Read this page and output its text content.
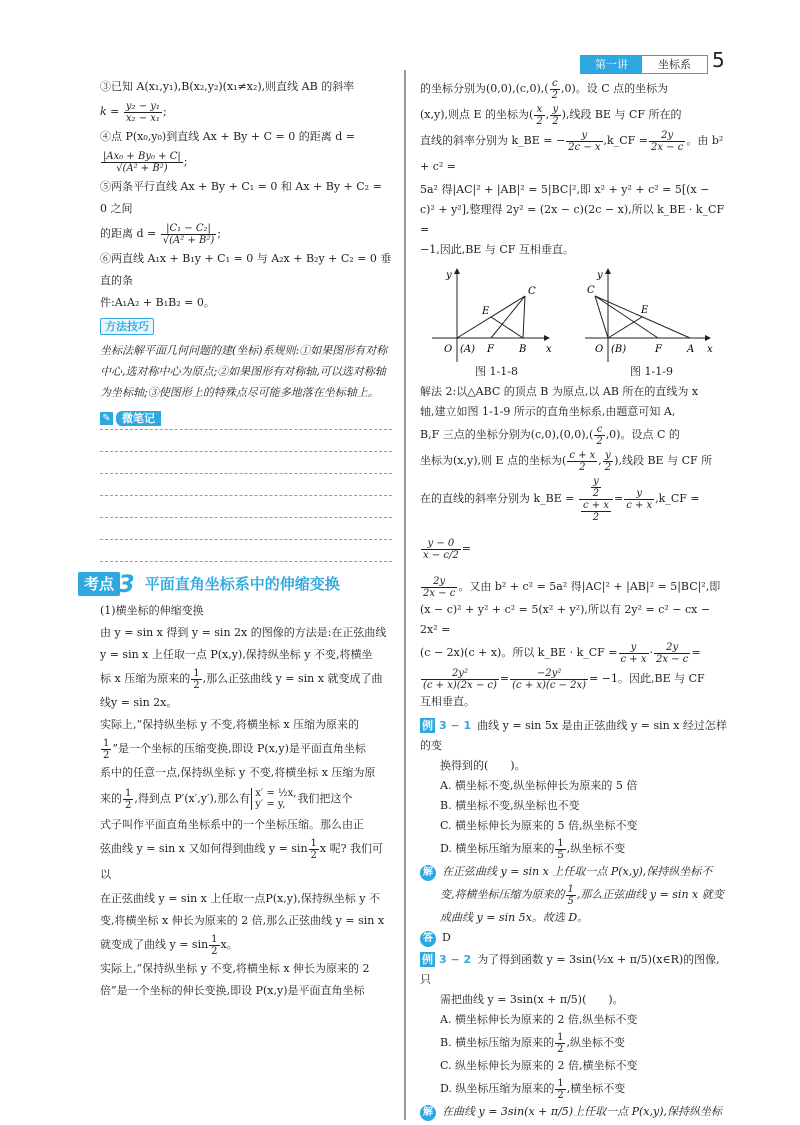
第一讲	坐标系	5

③已知 A(x₁,y₁),B(x₂,y₂)(x₁≠x₂),则直线 AB 的斜率

$k = \frac{\text{y₂ − y₁}}{\text{x₂ − x₁}}$ ;

④点 P(x₀,y₀)到直线 Ax + By + C = 0 的距离 d =

$\frac{\text{|Ax₀ + By₀ + C|}}{\text{√(A² + B²)}}$ ;

⑤两条平行直线 Ax + By + C₁ = 0 和 Ax + By + C₂ = 0 之间

的距离 $d = \frac{\text{|C₁ − C₂|}}{\text{√(A² + B²)}}$ ;

⑥两直线 A₁x + B₁y + C₁ = 0 与 A₂x + B₂y + C₂ = 0 垂直的条

件:A₁A₂ + B₁B₂ = 0。

方法技巧

坐标法解平面几何问题的建(坐标)系规则:①如果图形有对称中心,选对称中心为原点;②如果图形有对称轴,可以选对称轴为坐标轴;③使图形上的特殊点尽可能多地落在坐标轴上。

✎	微笔记
考点 3 平面直角坐标系中的伸缩变换

(1)横坐标的伸缩变换

由 y = sin x 得到 y = sin 2x 的图像的方法是:在正弦曲线

y = sin x 上任取一点 P(x,y),保持纵坐标 y 不变,将横坐

标 x 压缩为原来的 $\frac{1}{2}$ ,那么正弦曲线 y = sin x 就变成了曲

线y = sin 2x。

实际上,“保持纵坐标 y 不变,将横坐标 x 压缩为原来的

$\frac{1}{2}$ ”是一个坐标的压缩变换,即设 P(x,y)是平面直角坐标

系中的任意一点,保持纵坐标 y 不变,将横坐标 x 压缩为原

来的 $\frac{1}{2}$ ,得到点 P′(x′,y′),那么有 x′ = ½x,
y′ = y,	我们把这个

式子叫作平面直角坐标系中的一个坐标压缩。那么由正

弦曲线 y = sin x 又如何得到曲线 $y = \sin \frac{1}{2}$ x 呢? 我们可以

在正弦曲线 y = sin x 上任取一点P(x,y),保持纵坐标 y 不

变,将横坐标 x 伸长为原来的 2 倍,那么正弦曲线 y = sin x

就变成了曲线 $y = \sin \frac{1}{2}$ x。

实际上,“保持纵坐标 y 不变,将横坐标 x 伸长为原来的 2

倍”是一个坐标的伸长变换,即设 P(x,y)是平面直角坐标

的坐标分别为$(0,0),(c,0),( \frac{c}{2} ,0)$。设 C 点的坐标为

(x,y),则点 E 的坐标为( $\frac{x}{2}$ , $\frac{y}{2}$ ),线段 BE 与 CF 所在的

直线的斜率分别为 k_BE = − $\frac{y}{2c - x}$ ,k_CF = $\frac{2y}{2x - c}$ 。由 b² + c² =

5a² 得|AC|² + |AB|² = 5|BC|²,即 x² + y² + c² = 5[(x −

c)² + y²],整理得 2y² = (2x − c)(2c − x),所以 k_BE · k_CF =

−1,因此,BE 与 CF 互相垂直。

O (A) F	B x
y
C
E
图 1-1-8
O (B)	F	A x
y
C
E
图 1-1-9

解法 2:以△ABC 的顶点 B 为原点,以 AB 所在的直线为 x

轴,建立如图 1-1-9 所示的直角坐标系,由题意可知 A,

B,F 三点的坐标分别为$(c,0),(0,0),( \frac{c}{2} ,0)$。设点 C 的

坐标为(x,y),则 E 点的坐标为( $\frac{c + x}{2}$ , $\frac{y}{2}$ ),线段 BE 与 CF 所

在的直线的斜率分别为 k_BE = $\frac{\frac{y}{2}}{\frac{c + x}{2}} = \frac{y}{c + x}$ ,k_CF =
$\frac{y - 0}{x - c/2}$ =

$\frac{2y}{2x - c}$ 。又由 b² + c² = 5a² 得|AC|² + |AB|² = 5|BC|²,即

(x − c)² + y² + c² = 5(x² + y²),所以有 2y² = c² − cx − 2x² =

(c − 2x)(c + x)。所以 k_BE · k_CF = $\frac{y}{c + x} \cdot \frac{2y}{2x - c}$ =

$\frac{\text{2y²}}{(c + x)(2x - c)} = \frac{\text{−2y²}}{(c + x)(c - 2x)} = -1$。因此,BE 与 CF

互相垂直。

例 3 − 1 曲线 y = sin 5x 是由正弦曲线 y = sin x 经过怎样的变

换得到的(　　)。

A. 横坐标不变,纵坐标伸长为原来的 5 倍

B. 横坐标不变,纵坐标也不变

C. 横坐标伸长为原来的 5 倍,纵坐标不变

D. 横坐标压缩为原来的 $\frac{1}{5}$ ,纵坐标不变

解 在正弦曲线 y = sin x 上任取一点 P(x,y),保持纵坐标不

变,将横坐标压缩为原来的 $\frac{1}{5}$ ,那么正弦曲线 y = sin x 就变

成曲线 y = sin 5x。故选 D。

答 D

例 3 − 2 为了得到函数 y = 3sin(½x + π/5)(x∈R)的图像,只

需把曲线 y = 3sin(x + π/5)(　　)。

A. 横坐标伸长为原来的 2 倍,纵坐标不变

B. 横坐标压缩为原来的 $\frac{1}{2}$ ,纵坐标不变

C. 纵坐标伸长为原来的 2 倍,横坐标不变

D. 纵坐标压缩为原来的 $\frac{1}{2}$ ,横坐标不变

解 在曲线 y = 3sin(x + π/5)上任取一点 P(x,y),保持纵坐标
